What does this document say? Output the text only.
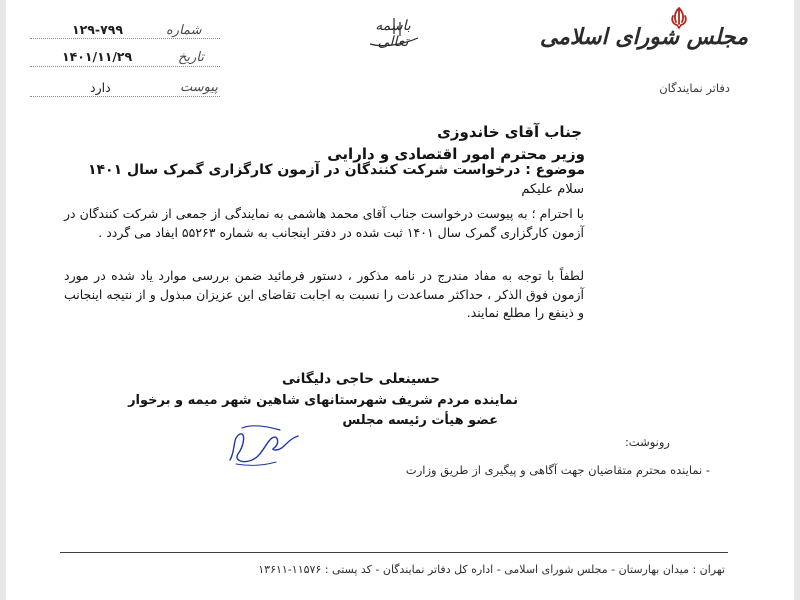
مجلس شورای اسلامی
دفاتر نمایندگان
باسمه تعالی
شماره
۱۲۹-۷۹۹
تاریخ
۱۴۰۱/۱۱/۲۹
پیوست
دارد
جناب آقای خاندوزی
وزیر محترم امور اقتصادی و دارایی
موضوع : درخواست شرکت کنندگان در آزمون کارگزاری گمرک سال ۱۴۰۱
سلام علیکم
با احترام ؛ به پیوست درخواست جناب آقای محمد هاشمی به نمایندگی از جمعی از شرکت کنندگان در آزمون کارگزاری گمرک سال ۱۴۰۱ ثبت شده در دفتر اینجانب به شماره ۵۵۲۶۳ ایفاد می گردد .
لطفاً با توجه به مفاد مندرج در نامه مذکور ، دستور فرمائید ضمن بررسی موارد یاد شده در مورد آزمون فوق الذکر ، حداکثر مساعدت را نسبت به اجابت تقاضای این عزیزان مبذول و از نتیجه اینجانب و ذینفع را مطلع نمایند.
حسینعلی حاجی دلیگانی
نماینده مردم شریف شهرستانهای شاهین شهر میمه و برخوار
عضو هیأت رئیسه مجلس
رونوشت:
- نماینده محترم متقاضیان جهت آگاهی و پیگیری از طریق وزارت
تهران : میدان بهارستان - مجلس شورای اسلامی - اداره کل دفاتر نمایندگان - کد پستی : ۱۱۵۷۶-۱۳۶۱۱
